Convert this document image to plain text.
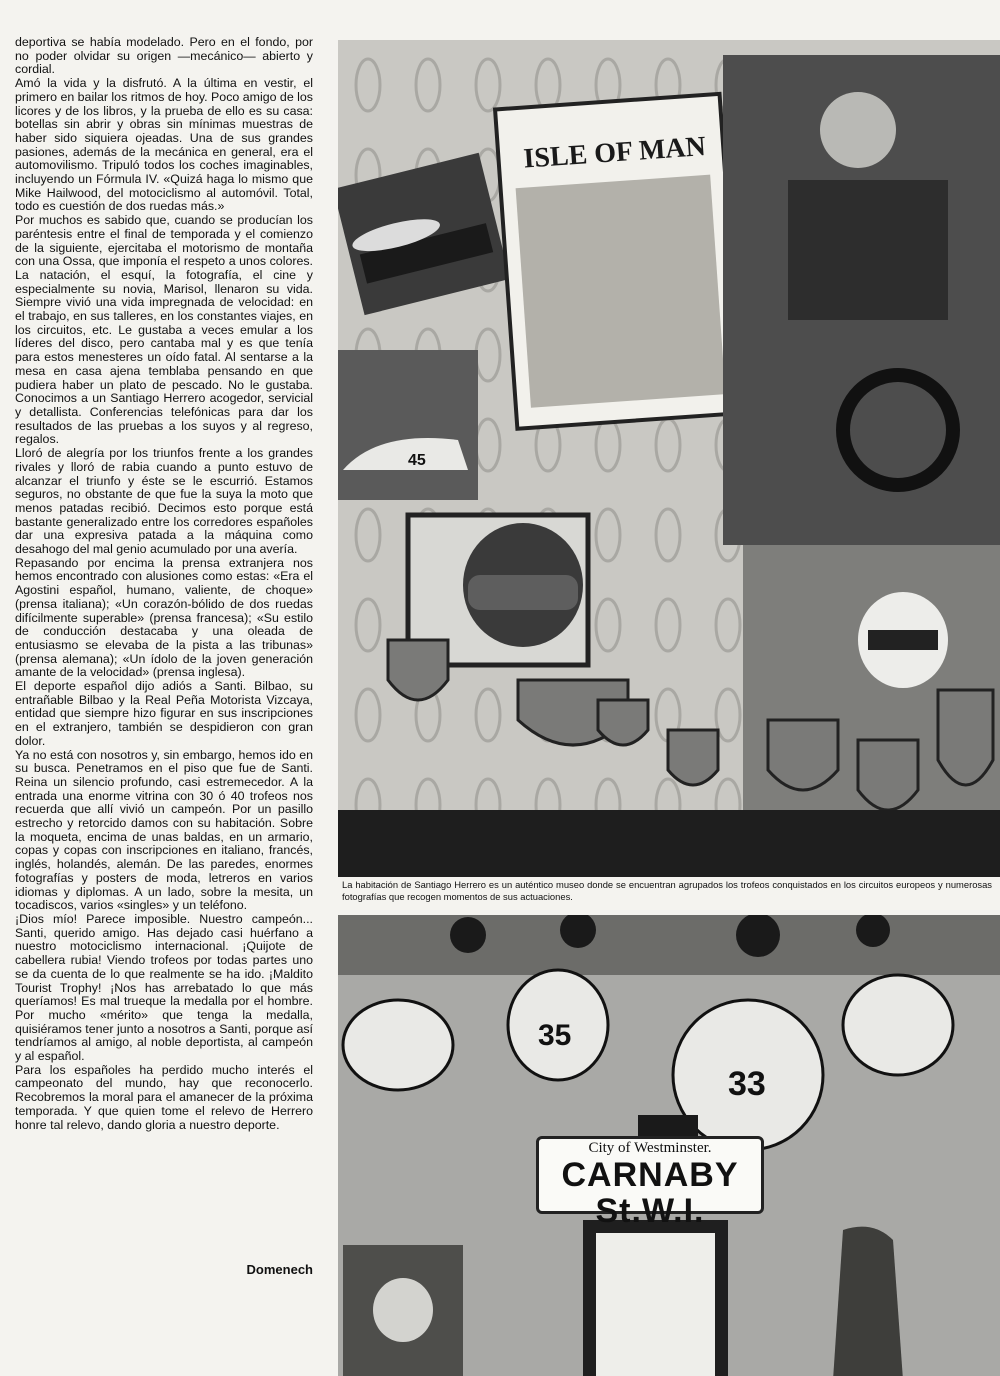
deportiva se había modelado. Pero en el fondo, por no poder olvidar su origen —mecánico— abierto y cordial.

Amó la vida y la disfrutó. A la última en vestir, el primero en bailar los ritmos de hoy. Poco amigo de los licores y de los libros, y la prueba de ello es su casa: botellas sin abrir y obras sin mínimas muestras de haber sido siquiera ojeadas. Una de sus grandes pasiones, además de la mecánica en general, era el automovilismo. Tripuló todos los coches imaginables, incluyendo un Fórmula IV. «Quizá haga lo mismo que Mike Hailwood, del motociclismo al automóvil. Total, todo es cuestión de dos ruedas más.»

Por muchos es sabido que, cuando se producían los paréntesis entre el final de temporada y el comienzo de la siguiente, ejercitaba el motorismo de montaña con una Ossa, que imponía el respeto a unos colores. La natación, el esquí, la fotografía, el cine y especialmente su novia, Marisol, llenaron su vida. Siempre vivió una vida impregnada de velocidad: en el trabajo, en sus talleres, en los constantes viajes, en los circuitos, etc. Le gustaba a veces emular a los líderes del disco, pero cantaba mal y es que tenía para estos menesteres un oído fatal. Al sentarse a la mesa en casa ajena temblaba pensando en que pudiera haber un plato de pescado. No le gustaba. Conocimos a un Santiago Herrero acogedor, servicial y detallista. Conferencias telefónicas para dar los resultados de las pruebas a los suyos y al regreso, regalos.

Lloró de alegría por los triunfos frente a los grandes rivales y lloró de rabia cuando a punto estuvo de alcanzar el triunfo y éste se le escurrió. Estamos seguros, no obstante de que fue la suya la moto que menos patadas recibió. Decimos esto porque está bastante generalizado entre los corredores españoles dar una expresiva patada a la máquina como desahogo del mal genio acumulado por una avería.

Repasando por encima la prensa extranjera nos hemos encontrado con alusiones como estas: «Era el Agostini español, humano, valiente, de choque» (prensa italiana); «Un corazón-bólido de dos ruedas difícilmente superable» (prensa francesa); «Su estilo de conducción destacaba y una oleada de entusiasmo se elevaba de la pista a las tribunas» (prensa alemana); «Un ídolo de la joven generación amante de la velocidad» (prensa inglesa).

El deporte español dijo adiós a Santi. Bilbao, su entrañable Bilbao y la Real Peña Motorista Vizcaya, entidad que siempre hizo figurar en sus inscripciones en el extranjero, también se despidieron con gran dolor.

Ya no está con nosotros y, sin embargo, hemos ido en su busca. Penetramos en el piso que fue de Santi. Reina un silencio profundo, casi estremecedor. A la entrada una enorme vitrina con 30 ó 40 trofeos nos recuerda que allí vivió un campeón. Por un pasillo estrecho y retorcido damos con su habitación. Sobre la moqueta, encima de unas baldas, en un armario, copas y copas con inscripciones en italiano, francés, inglés, holandés, alemán. De las paredes, enormes fotografías y posters de moda, letreros en varios idiomas y diplomas. A un lado, sobre la mesita, un tocadiscos, varios «singles» y un teléfono.

¡Dios mío! Parece imposible. Nuestro campeón... Santi, querido amigo. Has dejado casi huérfano a nuestro motociclismo internacional. ¡Quijote de cabellera rubia! Viendo trofeos por todas partes uno se da cuenta de lo que realmente se ha ido. ¡Maldito Tourist Trophy! ¡Nos has arrebatado lo que más queríamos! Es mal trueque la medalla por el hombre. Por mucho «mérito» que tenga la medalla, quisiéramos tener junto a nosotros a Santi, porque así tendríamos al amigo, al noble deportista, al campeón y al español.

Para los españoles ha perdido mucho interés el campeonato del mundo, hay que reconocerlo. Recobremos la moral para el amanecer de la próxima temporada. Y que quien tome el relevo de Herrero honre tal relevo, dando gloria a nuestro deporte.

Domenech
45
ISLE OF MAN
La habitación de Santiago Herrero es un auténtico museo donde se encuentran agrupados los trofeos conquistados en los circuitos europeos y numerosas fotografías que recogen momentos de sus actuaciones.
35
33
City of Westminster.
CARNABY St.W.I.
